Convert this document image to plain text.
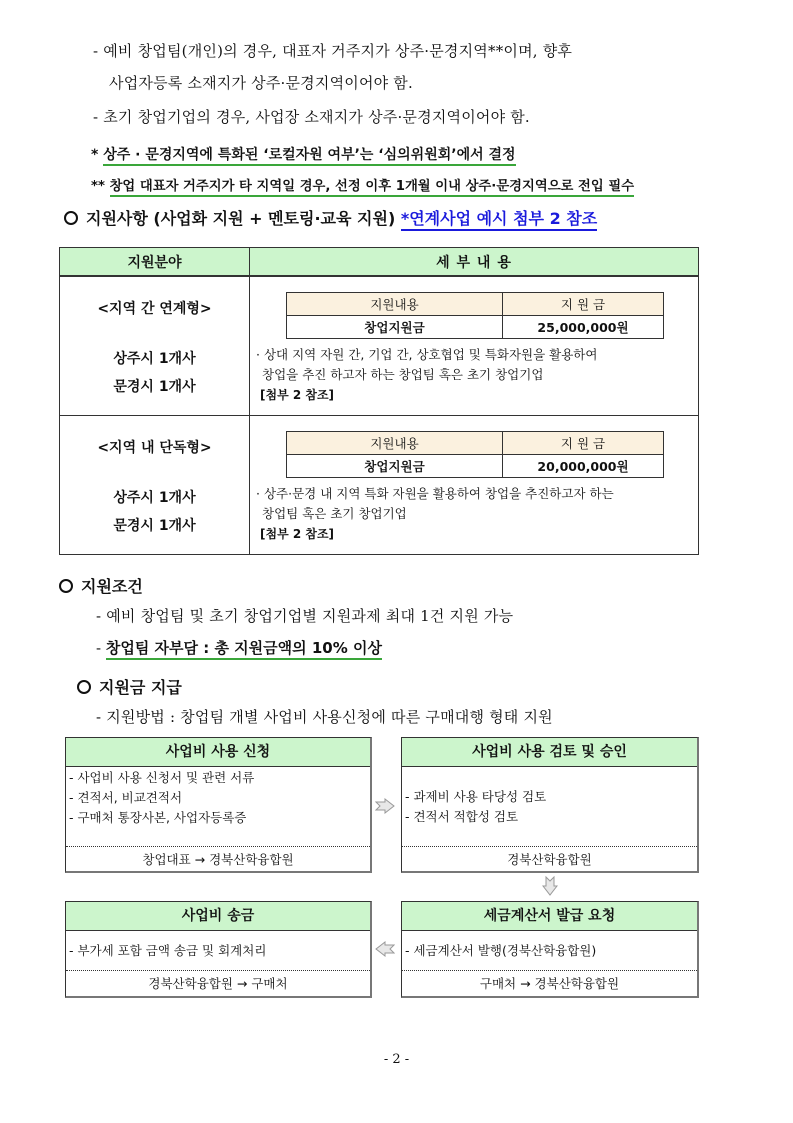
- 예비 창업팀(개인)의 경우, 대표자 거주지가 상주·문경지역**이며, 향후
사업자등록 소재지가 상주·문경지역이어야 함.
- 초기 창업기업의 경우, 사업장 소재지가 상주·문경지역이어야 함.
* 상주 · 문경지역에 특화된 ‘로컬자원 여부’는 ‘심의위원회’에서 결정
** 창업 대표자 거주지가 타 지역일 경우, 선정 이후 1개월 이내 상주·문경지역으로 전입 필수
지원사항 (사업화 지원 + 멘토링·교육 지원) *연계사업 예시 첨부 2 참조
지원분야	세 부 내 용

<지역 간 연계형>
상주시 1개사
문경시 1개사

지원내용	지 원 금
창업지원금	25,000,000원
· 상대 지역 자원 간, 기업 간, 상호협업 및 특화자원을 활용하여
창업을 추진 하고자 하는 창업팀 혹은 초기 창업기업
[첨부 2 참조]

<지역 내 단독형>
상주시 1개사
문경시 1개사

지원내용	지 원 금
창업지원금	20,000,000원
· 상주·문경 내 지역 특화 자원을 활용하여 창업을 추진하고자 하는
창업팀 혹은 초기 창업기업
[첨부 2 참조]
지원조건
- 예비 창업팀 및 초기 창업기업별 지원과제 최대 1건 지원 가능
- 창업팀 자부담 : 총 지원금액의 10% 이상
지원금 지급
- 지원방법 : 창업팀 개별 사업비 사용신청에 따른 구매대행 형태 지원
사업비 사용 신청
- 사업비 사용 신청서 및 관련 서류
- 견적서, 비교견적서
- 구매처 통장사본, 사업자등록증
창업대표 → 경북산학융합원
사업비 사용 검토 및 승인
- 과제비 사용 타당성 검토
- 견적서 적합성 검토
경북산학융합원
사업비 송금
- 부가세 포함 금액 송금 및 회계처리
경북산학융합원 → 구매처
세금계산서 발급 요청
- 세금계산서 발행(경북산학융합원)
구매처 → 경북산학융합원
- 2 -
